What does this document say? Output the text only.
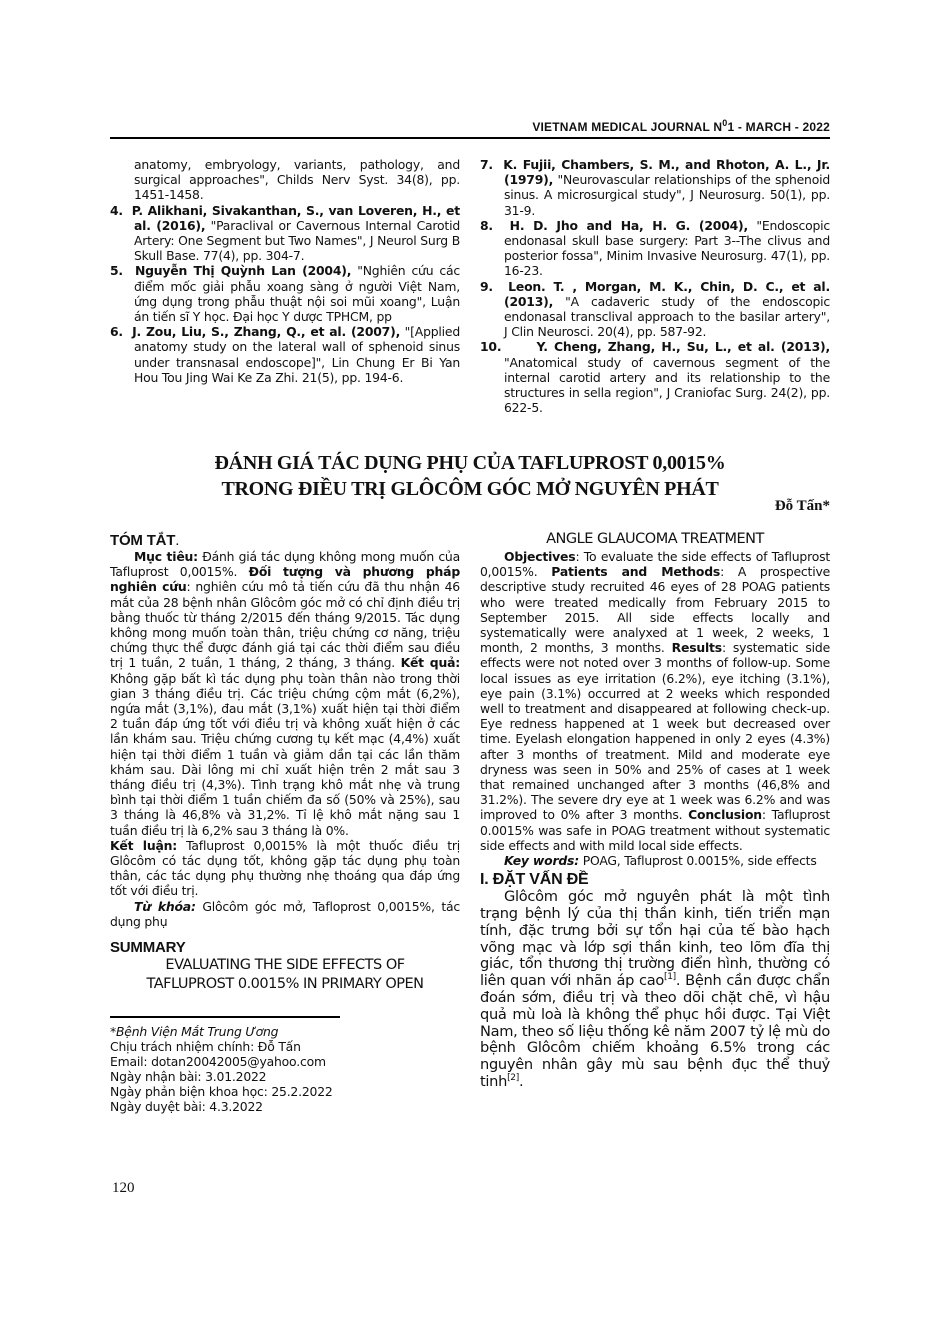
VIETNAM MEDICAL JOURNAL $N^01$ - MARCH - 2022

anatomy, embryology, variants, pathology, and surgical approaches", Childs Nerv Syst. 34(8), pp. 1451-1458.

4. P. Alikhani, Sivakanthan, S., van Loveren, H., et al. (2016), "Paraclival or Cavernous Internal Carotid Artery: One Segment but Two Names", J Neurol Surg B Skull Base. 77(4), pp. 304-7.

5. Nguyễn Thị Quỳnh Lan (2004), "Nghiên cứu các điểm mốc giải phẫu xoang sàng ở người Việt Nam, ứng dụng trong phẫu thuật nội soi mũi xoang", Luận án tiến sĩ Y học. Đại học Y dược TPHCM, pp

6. J. Zou, Liu, S., Zhang, Q., et al. (2007), "[Applied anatomy study on the lateral wall of sphenoid sinus under transnasal endoscope]", Lin Chung Er Bi Yan Hou Tou Jing Wai Ke Za Zhi. 21(5), pp. 194-6.

7. K. Fujii, Chambers, S. M., and Rhoton, A. L., Jr. (1979), "Neurovascular relationships of the sphenoid sinus. A microsurgical study", J Neurosurg. 50(1), pp. 31-9.

8. H. D. Jho and Ha, H. G. (2004), "Endoscopic endonasal skull base surgery: Part 3--The clivus and posterior fossa", Minim Invasive Neurosurg. 47(1), pp. 16-23.

9. Leon. T. , Morgan, M. K., Chin, D. C., et al. (2013), "A cadaveric study of the endoscopic endonasal transclival approach to the basilar artery", J Clin Neurosci. 20(4), pp. 587-92.

10.	Y. Cheng, Zhang, H., Su, L., et al. (2013), "Anatomical study of cavernous segment of the internal carotid artery and its relationship to the structures in sella region", J Craniofac Surg. 24(2), pp. 622-5.

ĐÁNH GIÁ TÁC DỤNG PHỤ CỦA TAFLUPROST 0,0015%
TRONG ĐIỀU TRỊ GLÔCÔM GÓC MỞ NGUYÊN PHÁT
Đỗ Tấn*
TÓM TẮT.

Mục tiêu: Đánh giá tác dụng không mong muốn của Tafluprost 0,0015%. Đối tượng và phương pháp nghiên cứu: nghiên cứu mô tả tiến cứu đã thu nhận 46 mắt của 28 bệnh nhân Glôcôm góc mở có chỉ định điều trị bằng thuốc từ tháng 2/2015 đến tháng 9/2015. Tác dụng không mong muốn toàn thân, triệu chứng cơ năng, triệu chứng thực thể được đánh giá tại các thời điểm sau điều trị 1 tuần, 2 tuần, 1 tháng, 2 tháng, 3 tháng. Kết quả: Không gặp bất kì tác dụng phụ toàn thân nào trong thời gian 3 tháng điều trị. Các triệu chứng cộm mắt (6,2%), ngứa mắt (3,1%), đau mắt (3,1%) xuất hiện tại thời điểm 2 tuần đáp ứng tốt với điều trị và không xuất hiện ở các lần khám sau. Triệu chứng cương tụ kết mạc (4,4%) xuất hiện tại thời điểm 1 tuần và giảm dần tại các lần thăm khám sau. Dài lông mi chỉ xuất hiện trên 2 mắt sau 3 tháng điều trị (4,3%). Tình trạng khô mắt nhẹ và trung bình tại thời điểm 1 tuần chiếm đa số (50% và 25%), sau 3 tháng là 46,8% và 31,2%. Tỉ lệ khô mắt nặng sau 1 tuần điều trị là 6,2% sau 3 tháng là 0%.

Kết luận: Tafluprost 0,0015% là một thuốc điều trị Glôcôm có tác dụng tốt, không gặp tác dụng phụ toàn thân, các tác dụng phụ thường nhẹ thoáng qua đáp ứng tốt với điều trị.

Từ khóa: Glôcôm góc mở, Tafloprost 0,0015%, tác dụng phụ

SUMMARY
EVALUATING THE SIDE EFFECTS OF
TAFLUPROST 0.0015% IN PRIMARY OPEN
*Bệnh Viện Mắt Trung Ương
Chịu trách nhiệm chính: Đỗ Tấn
Email: dotan20042005@yahoo.com
Ngày nhận bài: 3.01.2022
Ngày phản biện khoa học: 25.2.2022
Ngày duyệt bài: 4.3.2022
ANGLE GLAUCOMA TREATMENT

Objectives: To evaluate the side effects of Tafluprost 0,0015%. Patients and Methods: A prospective descriptive study recruited 46 eyes of 28 POAG patients who were treated medically from February 2015 to September 2015. All side effects locally and systematically were analyxed at 1 week, 2 weeks, 1 month, 2 months, 3 months. Results: systematic side effects were not noted over 3 months of follow-up. Some local issues as eye irritation (6.2%), eye itching (3.1%), eye pain (3.1%) occurred at 2 weeks which responded well to treatment and disappeared at following check-up. Eye redness happened at 1 week but decreased over time. Eyelash elongation happened in only 2 eyes (4.3%) after 3 months of treatment. Mild and moderate eye dryness was seen in 50% and 25% of cases at 1 week that remained unchanged after 3 months (46,8% and 31.2%). The severe dry eye at 1 week was 6.2% and was improved to 0% after 3 months. Conclusion: Tafluprost 0.0015% was safe in POAG treatment without systematic side effects and with mild local side effects.

Key words: POAG, Tafluprost 0.0015%, side effects

I. ĐẶT VẤN ĐỀ

Glôcôm góc mở nguyên phát là một tình trạng bệnh lý của thị thần kinh, tiến triển mạn tính, đặc trưng bởi sự tổn hại của tế bào hạch võng mạc và lớp sợi thần kinh, teo lõm đĩa thị giác, tổn thương thị trường điển hình, thường có liên quan với nhãn áp cao[1]. Bệnh cần được chẩn đoán sớm, điều trị và theo dõi chặt chẽ, vì hậu quả mù loà là không thể phục hồi được. Tại Việt Nam, theo số liệu thống kê năm 2007 tỷ lệ mù do bệnh Glôcôm chiếm khoảng 6.5% trong các nguyên nhân gây mù sau bệnh đục thể thuỷ tinh[2].

120
